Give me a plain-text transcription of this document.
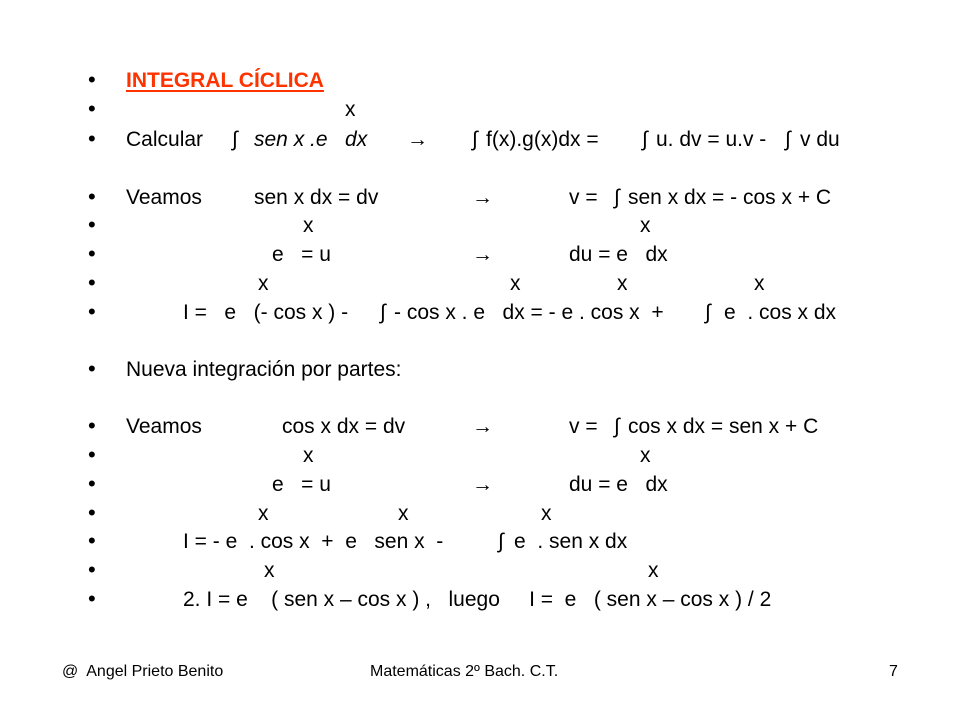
•
•
•
•
•
•
•
•
•
•
•
•
•
•
•
•
INTEGRAL CÍCLICA
x
Calcular ∫ sen x .e   dx → ∫ f(x).g(x)dx = ∫ u. dv = u.v - ∫ v du
Veamos sen x dx = dv	→	v = ∫ sen x dx = - cos x + C
x	x
e   = u	→	du = e   dx
x	x	x	x
I =   e   (- cos x ) - ∫ - cos x . e   dx = - e . cos x  + ∫ e  . cos x dx
Nueva integración por partes:
Veamos	cos x dx = dv	→	v = ∫ cos x dx = sen x + C
x	x
e   = u	→	du = e   dx
x	x	x
I = - e  . cos x  +  e   sen x  -	∫ e  . sen x dx
x	x
2. I = e    ( sen x – cos x ) ,   luego     I =  e   ( sen x – cos x ) / 2
@  Angel Prieto Benito	Matemáticas 2º Bach. C.T.	7
